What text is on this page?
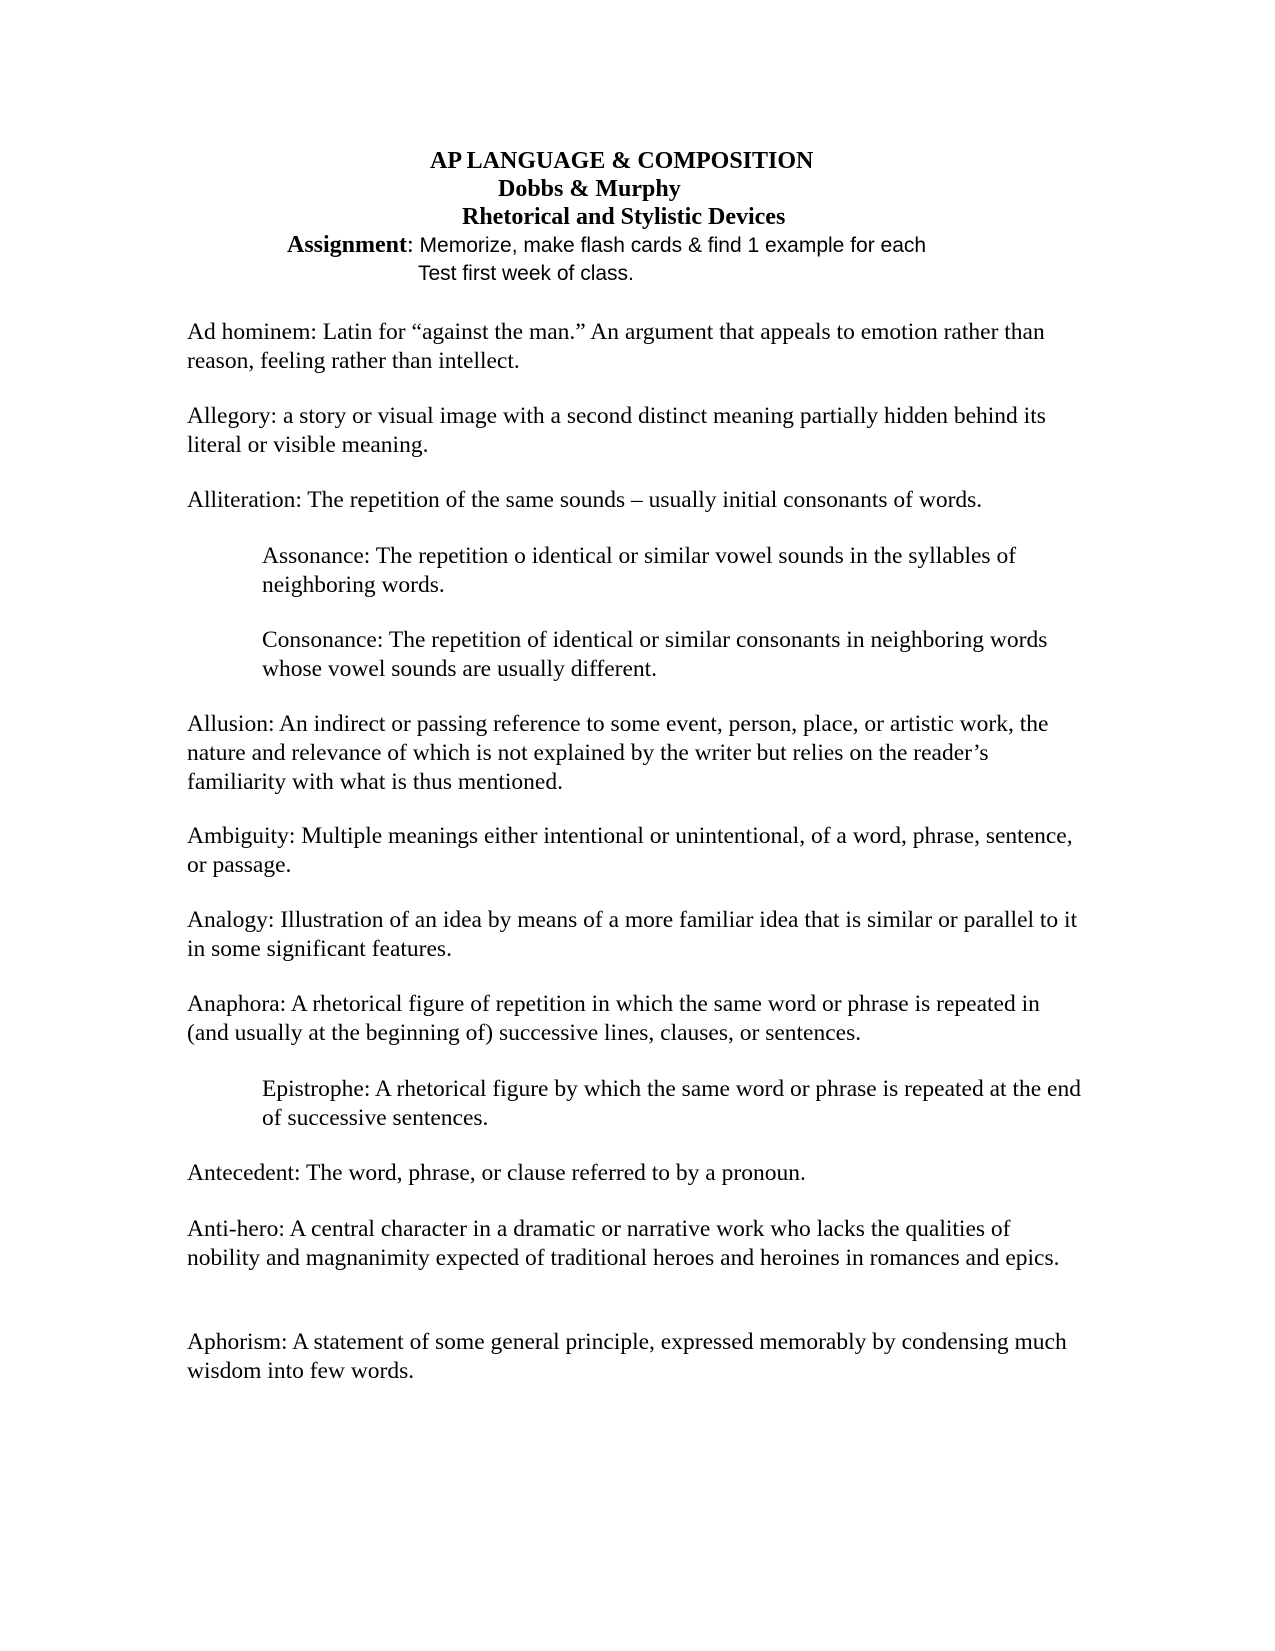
AP LANGUAGE & COMPOSITION
Dobbs & Murphy
Rhetorical and Stylistic Devices
Assignment: Memorize, make flash cards & find 1 example for each
Test first week of class.

Ad hominem: Latin for “against the man.” An argument that appeals to emotion rather than reason, feeling rather than intellect.

Allegory: a story or visual image with a second distinct meaning partially hidden behind its literal or visible meaning.

Alliteration: The repetition of the same sounds – usually initial consonants of words.

Assonance: The repetition o identical or similar vowel sounds in the syllables of neighboring words.

Consonance: The repetition of identical or similar consonants in neighboring words whose vowel sounds are usually different.

Allusion: An indirect or passing reference to some event, person, place, or artistic work, the nature and relevance of which is not explained by the writer but relies on the reader’s familiarity with what is thus mentioned.

Ambiguity: Multiple meanings either intentional or unintentional, of a word, phrase, sentence, or passage.

Analogy: Illustration of an idea by means of a more familiar idea that is similar or parallel to it in some significant features.

Anaphora: A rhetorical figure of repetition in which the same word or phrase is repeated in (and usually at the beginning of) successive lines, clauses, or sentences.

Epistrophe: A rhetorical figure by which the same word or phrase is repeated at the end of successive sentences.

Antecedent: The word, phrase, or clause referred to by a pronoun.

Anti-hero: A central character in a dramatic or narrative work who lacks the qualities of nobility and magnanimity expected of traditional heroes and heroines in romances and epics.

Aphorism: A statement of some general principle, expressed memorably by condensing much wisdom into few words.
